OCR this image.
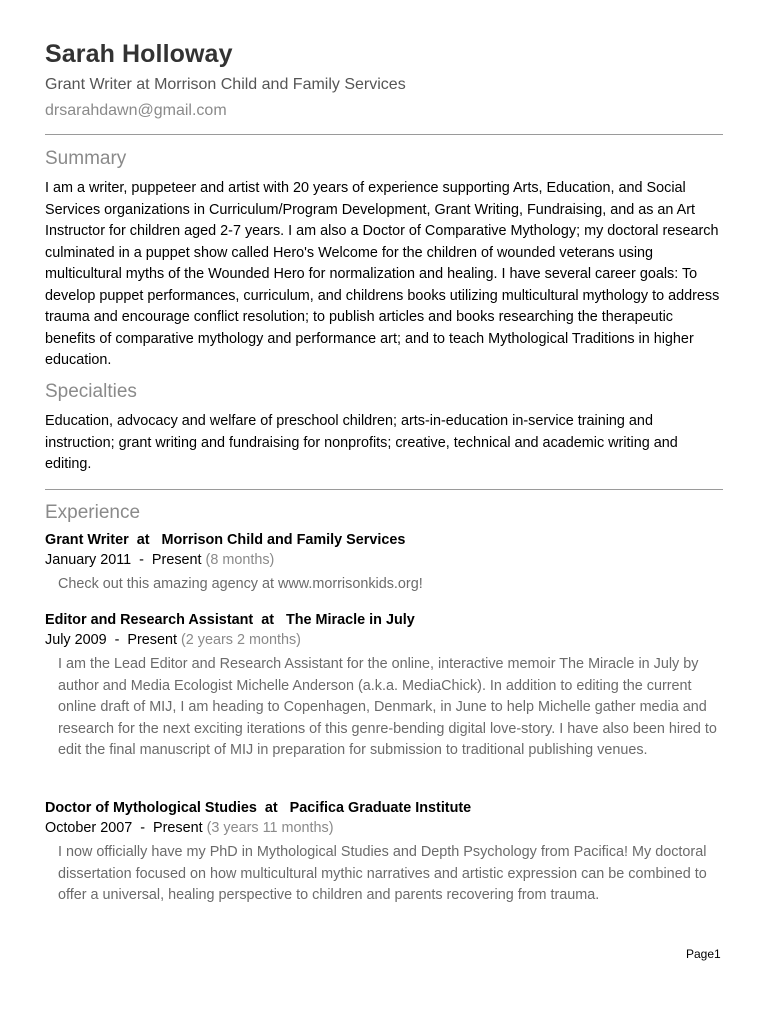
Sarah Holloway
Grant Writer at Morrison Child and Family Services
drsarahdawn@gmail.com
Summary
I am a writer, puppeteer and artist with 20 years of experience supporting Arts, Education, and Social Services organizations in Curriculum/Program Development, Grant Writing, Fundraising, and as an Art Instructor for children aged 2-7 years. I am also a Doctor of Comparative Mythology; my doctoral research culminated in a puppet show called Hero's Welcome for the children of wounded veterans using multicultural myths of the Wounded Hero for normalization and healing. I have several career goals: To develop puppet performances, curriculum, and childrens books utilizing multicultural mythology to address trauma and encourage conflict resolution; to publish articles and books researching the therapeutic benefits of comparative mythology and performance art; and to teach Mythological Traditions in higher education.
Specialties
Education, advocacy and welfare of preschool children; arts-in-education in-service training and instruction; grant writing and fundraising for nonprofits; creative, technical and academic writing and editing.
Experience
Grant Writer  at   Morrison Child and Family Services
January 2011  -  Present (8 months)
Check out this amazing agency at www.morrisonkids.org!
Editor and Research Assistant  at   The Miracle in July
July 2009  -  Present (2 years 2 months)
I am the Lead Editor and Research Assistant for the online, interactive memoir The Miracle in July by author and Media Ecologist Michelle Anderson (a.k.a. MediaChick). In addition to editing the current online draft of MIJ, I am heading to Copenhagen, Denmark, in June to help Michelle gather media and research for the next exciting iterations of this genre-bending digital love-story. I have also been hired to edit the final manuscript of MIJ in preparation for submission to traditional publishing venues.
Doctor of Mythological Studies  at   Pacifica Graduate Institute
October 2007  -  Present (3 years 11 months)
I now officially have my PhD in Mythological Studies and Depth Psychology from Pacifica! My doctoral dissertation focused on how multicultural mythic narratives and artistic expression can be combined to offer a universal, healing perspective to children and parents recovering from trauma.
Page1
